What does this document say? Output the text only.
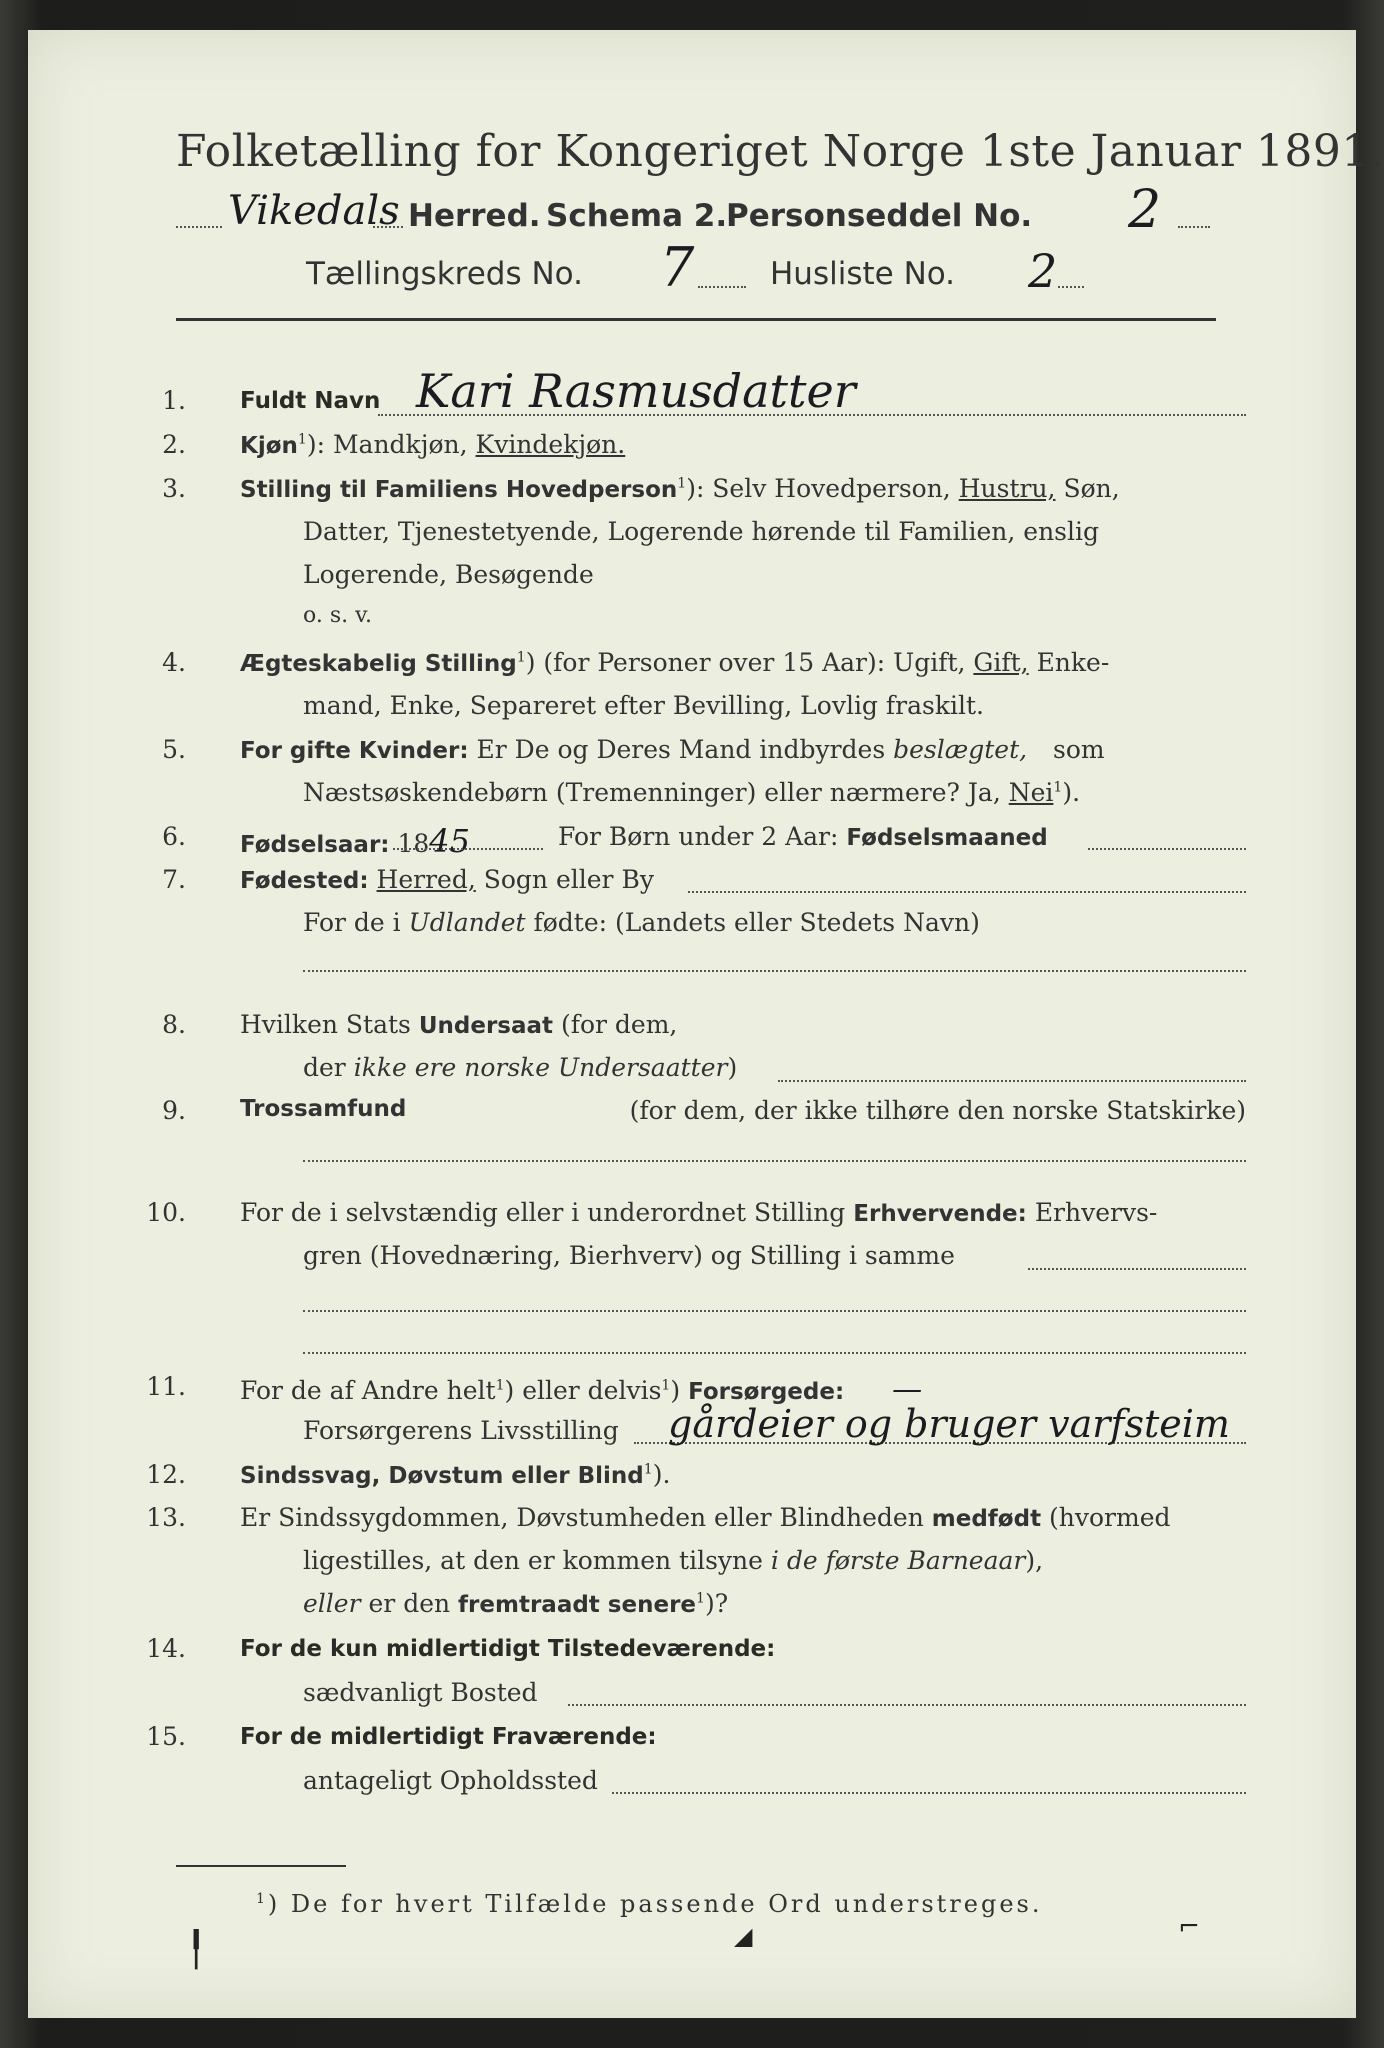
Folketælling for Kongeriget Norge 1ste Januar 1891.
Vikedals Herred. Schema 2.
Personseddel No. 2
Tællingskreds No. 7 Husliste No. 2
1. Fuldt Navn Kari Rasmusdatter
2. Kjøn$^1$): Mandkjøn, Kvindekjøn.
3. Stilling til Familiens Hovedperson$^1$): Selv Hovedperson, Hustru, Søn,
Datter, Tjenestetyende, Logerende hørende til Familien, enslig
Logerende, Besøgende
o. s. v.
4. Ægteskabelig Stilling$^1$) (for Personer over 15 Aar): Ugift, Gift, Enke-
mand, Enke, Separeret efter Bevilling, Lovlig fraskilt.
5. For gifte Kvinder: Er De og Deres Mand indbyrdes beslægtet, som
Næstsøskendebørn (Tremenninger) eller nærmere? Ja, Nei$^1$).
6. Fødselsaar: 1845	For Børn under 2 Aar: Fødselsmaaned
7. Fødested: Herred, Sogn eller By
For de i Udlandet fødte: (Landets eller Stedets Navn)
8. Hvilken Stats Undersaat (for dem,
der ikke ere norske Undersaatter)
9. Trossamfund	(for dem, der ikke tilhøre den norske Statskirke)
10. For de i selvstændig eller i underordnet Stilling Erhvervende: Erhvervs-
gren (Hovednæring, Bierhverv) og Stilling i samme
11. For de af Andre helt$^1$) eller delvis$^1$) Forsørgede: —
Forsørgerens Livsstilling gårdeier og bruger varfsteim
12. Sindssvag, Døvstum eller Blind$^1$).
13. Er Sindssygdommen, Døvstumheden eller Blindheden medfødt (hvormed
ligestilles, at den er kommen tilsyne i de første Barneaar),
eller er den fremtraadt senere$^1$)?
14. For de kun midlertidigt Tilstedeværende:
sædvanligt Bosted
15. For de midlertidigt Fraværende:
antageligt Opholdssted
$^1$) De for hvert Tilfælde passende Ord understreges.
╿	◢	⌐
